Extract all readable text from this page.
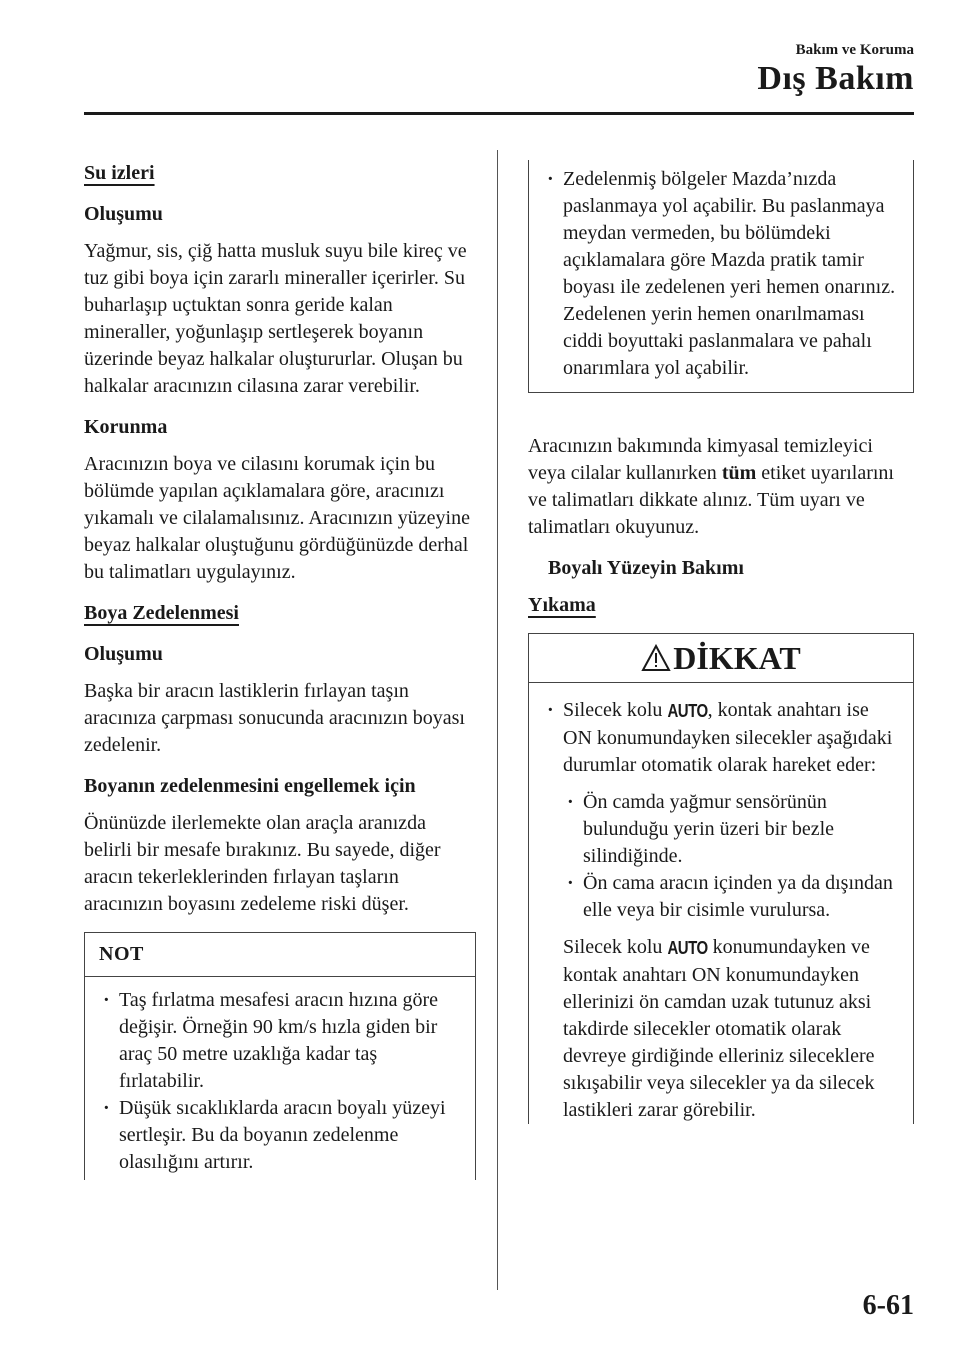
Bakım ve Koruma
Dış Bakım
Su izleri
Oluşumu

Yağmur, sis, çiğ hatta musluk suyu bile kireç ve tuz gibi boya için zararlı mineraller içerirler. Su buharlaşıp uçtuktan sonra geride kalan mineraller, yoğunlaşıp sertleşerek boyanın üzerinde beyaz halkalar oluştururlar. Oluşan bu halkalar aracınızın cilasına zarar verebilir.

Korunma

Aracınızın boya ve cilasını korumak için bu bölümde yapılan açıklamalara göre, aracınızı yıkamalı ve cilalamalısınız. Aracınızın yüzeyine beyaz halkalar oluştuğunu gördüğünüzde derhal bu talimatları uygulayınız.

Boya Zedelenmesi
Oluşumu

Başka bir aracın lastiklerin fırlayan taşın aracınıza çarpması sonucunda aracınızın boyası zedelenir.

Boyanın zedelenmesini engellemek için

Önünüzde ilerlemekte olan araçla aranızda belirli bir mesafe bırakınız. Bu sayede, diğer aracın tekerleklerinden fırlayan taşların aracınızın boyasını zedeleme riski düşer.

NOT

· Taş fırlatma mesafesi aracın hızına göre değişir. Örneğin 90 km/s hızla giden bir araç 50 metre uzaklığa kadar taş fırlatabilir.

· Düşük sıcaklıklarda aracın boyalı yüzeyi sertleşir. Bu da boyanın zedelenme olasılığını artırır.

· Zedelenmiş bölgeler Mazda’nızda paslanmaya yol açabilir. Bu paslanmaya meydan vermeden, bu bölümdeki açıklamalara göre Mazda pratik tamir boyası ile zedelenen yeri hemen onarınız. Zedelenen yerin hemen onarılmaması ciddi boyuttaki paslanmalara ve pahalı onarımlara yol açabilir.

Aracınızın bakımında kimyasal temizleyici veya cilalar kullanırken tüm etiket uyarılarını ve talimatları dikkate alınız. Tüm uyarı ve talimatları okuyunuz.

Boyalı Yüzeyin Bakımı
Yıkama
DİKKAT

· Silecek kolu AUTO, kontak anahtarı ise ON konumundayken silecekler aşağıdaki durumlar otomatik olarak hareket eder:

· Ön camda yağmur sensörünün bulunduğu yerin üzeri bir bezle silindiğinde.

· Ön cama aracın içinden ya da dışından elle veya bir cisimle vurulursa.

Silecek kolu AUTO konumundayken ve kontak anahtarı ON konumundayken ellerinizi ön camdan uzak tutunuz aksi takdirde silecekler otomatik olarak devreye girdiğinde elleriniz sileceklere sıkışabilir veya silecekler ya da silecek lastikleri zarar görebilir.

6-61
